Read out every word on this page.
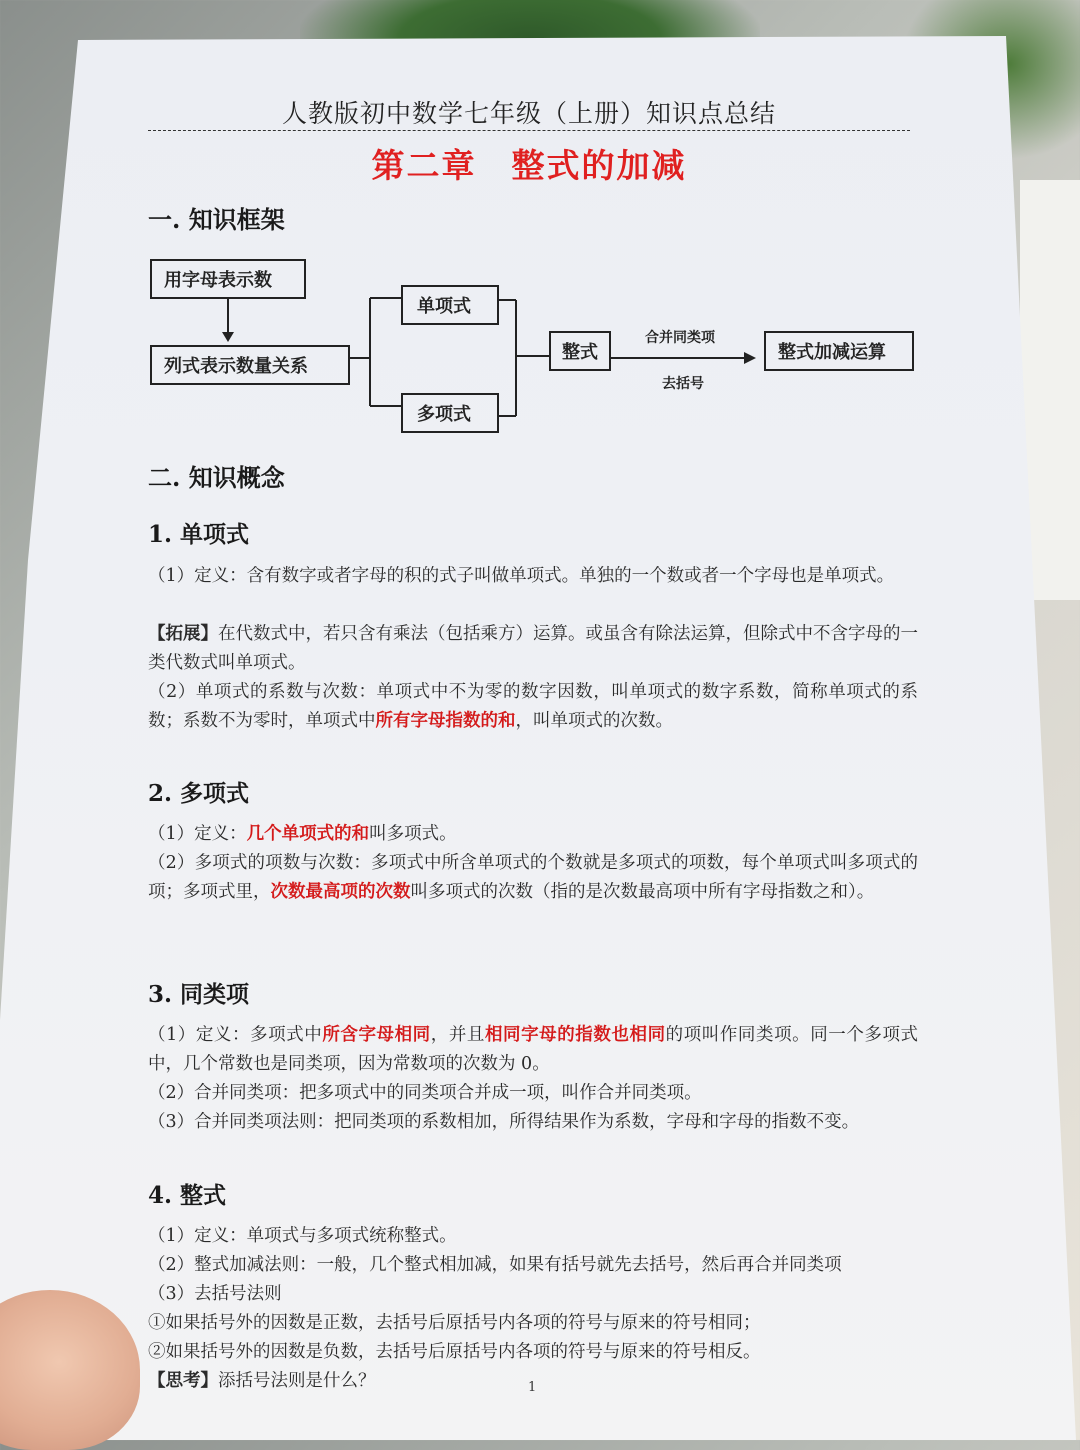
人教版初中数学七年级（上册）知识点总结
第二章　整式的加减
一. 知识框架
用字母表示数
列式表示数量关系
单项式
多项式
整式	整式加减运算
合并同类项
去括号
二. 知识概念
1. 单项式
（1）定义：含有数字或者字母的积的式子叫做单项式。单独的一个数或者一个字母也是单项式。
【拓展】在代数式中，若只含有乘法（包括乘方）运算。或虽含有除法运算，但除式中不含字母的一类代数式叫单项式。
（2）单项式的系数与次数：单项式中不为零的数字因数，叫单项式的数字系数，简称单项式的系数；系数不为零时，单项式中所有字母指数的和，叫单项式的次数。
2. 多项式
（1）定义：几个单项式的和叫多项式。
（2）多项式的项数与次数：多项式中所含单项式的个数就是多项式的项数，每个单项式叫多项式的项；多项式里，次数最高项的次数叫多项式的次数（指的是次数最高项中所有字母指数之和）。
3. 同类项
（1）定义：多项式中所含字母相同，并且相同字母的指数也相同的项叫作同类项。同一个多项式中，几个常数也是同类项，因为常数项的次数为 0。
（2）合并同类项：把多项式中的同类项合并成一项，叫作合并同类项。
（3）合并同类项法则：把同类项的系数相加，所得结果作为系数，字母和字母的指数不变。
4. 整式
（1）定义：单项式与多项式统称整式。
（2）整式加减法则：一般，几个整式相加减，如果有括号就先去括号，然后再合并同类项
（3）去括号法则
①如果括号外的因数是正数，去括号后原括号内各项的符号与原来的符号相同；
②如果括号外的因数是负数，去括号后原括号内各项的符号与原来的符号相反。
【思考】添括号法则是什么？	1
